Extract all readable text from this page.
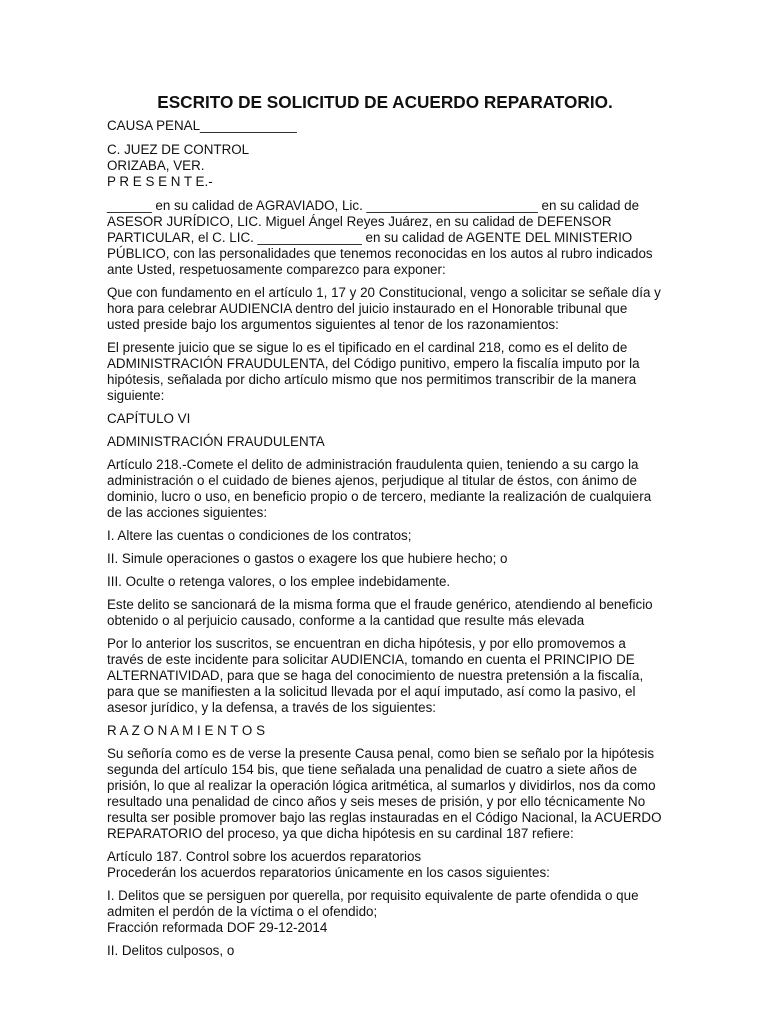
ESCRITO DE SOLICITUD DE ACUERDO REPARATORIO.

CAUSA PENAL_____________

C. JUEZ DE CONTROL

ORIZABA, VER.

P R E S E N T E.-

______ en su calidad de AGRAVIADO, Lic. _______________________ en su calidad de ASESOR JURÍDICO, LIC. Miguel Ángel Reyes Juárez, en su calidad de DEFENSOR PARTICULAR, el C. LIC. ______________ en su calidad de AGENTE DEL MINISTERIO PÚBLICO, con las personalidades que tenemos reconocidas en los autos al rubro indicados ante Usted, respetuosamente comparezco para exponer:

Que con fundamento en el artículo 1, 17 y 20 Constitucional, vengo a solicitar se señale día y hora para celebrar AUDIENCIA dentro del juicio instaurado en el Honorable tribunal que usted preside bajo los argumentos siguientes al tenor de los razonamientos:

El presente juicio que se sigue lo es el tipificado en el cardinal 218, como es el delito de ADMINISTRACIÓN FRAUDULENTA, del Código punitivo, empero la fiscalía imputo por la hipótesis, señalada por dicho artículo mismo que nos permitimos transcribir de la manera siguiente:

CAPÍTULO VI

ADMINISTRACIÓN FRAUDULENTA

Artículo 218.-Comete el delito de administración fraudulenta quien, teniendo a su cargo la administración o el cuidado de bienes ajenos, perjudique al titular de éstos, con ánimo de dominio, lucro o uso, en beneficio propio o de tercero, mediante la realización de cualquiera de las acciones siguientes:

I. Altere las cuentas o condiciones de los contratos;

II. Simule operaciones o gastos o exagere los que hubiere hecho; o

III. Oculte o retenga valores, o los emplee indebidamente.

Este delito se sancionará de la misma forma que el fraude genérico, atendiendo al beneficio obtenido o al perjuicio causado, conforme a la cantidad que resulte más elevada

Por lo anterior los suscritos, se encuentran en dicha hipótesis, y por ello promovemos a través de este incidente para solicitar AUDIENCIA, tomando en cuenta el PRINCIPIO DE ALTERNATIVIDAD, para que se haga del conocimiento de nuestra pretensión a la fiscalía, para que se manifiesten a la solicitud llevada por el aquí imputado, así como la pasivo, el asesor jurídico, y la defensa, a través de los siguientes:

R A Z O N A M I E N T O S

Su señoría como es de verse la presente Causa penal, como bien se señalo por la hipótesis segunda del artículo 154 bis, que tiene señalada una penalidad de cuatro a siete años de prisión, lo que al realizar la operación lógica aritmética, al sumarlos y dividirlos, nos da como resultado una penalidad de cinco años y seis meses de prisión, y por ello técnicamente No resulta ser posible promover bajo las reglas instauradas en el Código Nacional, la ACUERDO REPARATORIO del proceso, ya que dicha hipótesis en su cardinal 187 refiere:

Artículo 187. Control sobre los acuerdos reparatorios

Procederán los acuerdos reparatorios únicamente en los casos siguientes:

I. Delitos que se persiguen por querella, por requisito equivalente de parte ofendida o que admiten el perdón de la víctima o el ofendido;

Fracción reformada DOF 29-12-2014

II. Delitos culposos, o
